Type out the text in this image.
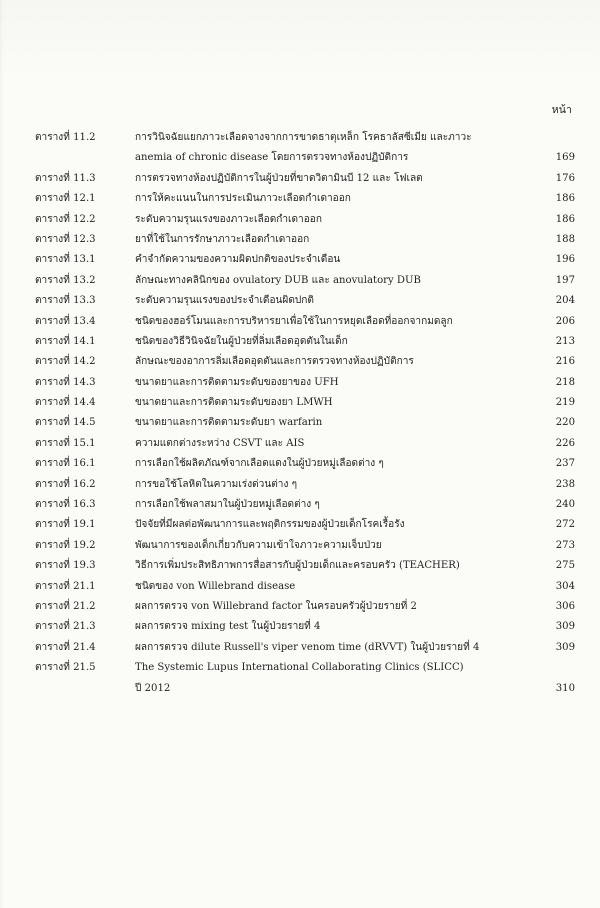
หน้า
ตารางที่ 11.2	การวินิจฉัยแยกภาวะเลือดจางจากการขาดธาตุเหล็ก โรคธาลัสซีเมีย และภาวะ
anemia of chronic disease โดยการตรวจทางห้องปฏิบัติการ	169
ตารางที่ 11.3	การตรวจทางห้องปฏิบัติการในผู้ป่วยที่ขาดวิตามินบี 12 และ โฟเลต	176
ตารางที่ 12.1	การให้คะแนนในการประเมินภาวะเลือดกำเดาออก	186
ตารางที่ 12.2	ระดับความรุนแรงของภาวะเลือดกำเดาออก	186
ตารางที่ 12.3	ยาที่ใช้ในการรักษาภาวะเลือดกำเดาออก	188
ตารางที่ 13.1	คำจำกัดความของความผิดปกติของประจำเดือน	196
ตารางที่ 13.2	ลักษณะทางคลินิกของ ovulatory DUB และ anovulatory DUB	197
ตารางที่ 13.3	ระดับความรุนแรงของประจำเดือนผิดปกติ	204
ตารางที่ 13.4	ชนิดของฮอร์โมนและการบริหารยาเพื่อใช้ในการหยุดเลือดที่ออกจากมดลูก	206
ตารางที่ 14.1	ชนิดของวิธีวินิจฉัยในผู้ป่วยที่ลิ่มเลือดอุดตันในเด็ก	213
ตารางที่ 14.2	ลักษณะของอาการลิ่มเลือดอุดตันและการตรวจทางห้องปฏิบัติการ	216
ตารางที่ 14.3	ขนาดยาและการติดตามระดับของยาของ UFH	218
ตารางที่ 14.4	ขนาดยาและการติดตามระดับของยา LMWH	219
ตารางที่ 14.5	ขนาดยาและการติดตามระดับยา warfarin	220
ตารางที่ 15.1	ความแตกต่างระหว่าง CSVT และ AIS	226
ตารางที่ 16.1	การเลือกใช้ผลิตภัณฑ์จากเลือดแดงในผู้ป่วยหมู่เลือดต่าง ๆ	237
ตารางที่ 16.2	การขอใช้โลหิตในความเร่งด่วนต่าง ๆ	238
ตารางที่ 16.3	การเลือกใช้พลาสมาในผู้ป่วยหมู่เลือดต่าง ๆ	240
ตารางที่ 19.1	ปัจจัยที่มีผลต่อพัฒนาการและพฤติกรรมของผู้ป่วยเด็กโรคเรื้อรัง	272
ตารางที่ 19.2	พัฒนาการของเด็กเกี่ยวกับความเข้าใจภาวะความเจ็บป่วย	273
ตารางที่ 19.3	วิธีการเพิ่มประสิทธิภาพการสื่อสารกับผู้ป่วยเด็กและครอบครัว (TEACHER)	275
ตารางที่ 21.1	ชนิดของ von Willebrand disease	304
ตารางที่ 21.2	ผลการตรวจ von Willebrand factor ในครอบครัวผู้ป่วยรายที่ 2	306
ตารางที่ 21.3	ผลการตรวจ mixing test ในผู้ป่วยรายที่ 4	309
ตารางที่ 21.4	ผลการตรวจ dilute Russell's viper venom time (dRVVT) ในผู้ป่วยรายที่ 4	309
ตารางที่ 21.5	The Systemic Lupus International Collaborating Clinics (SLICC)
ปี 2012	310
